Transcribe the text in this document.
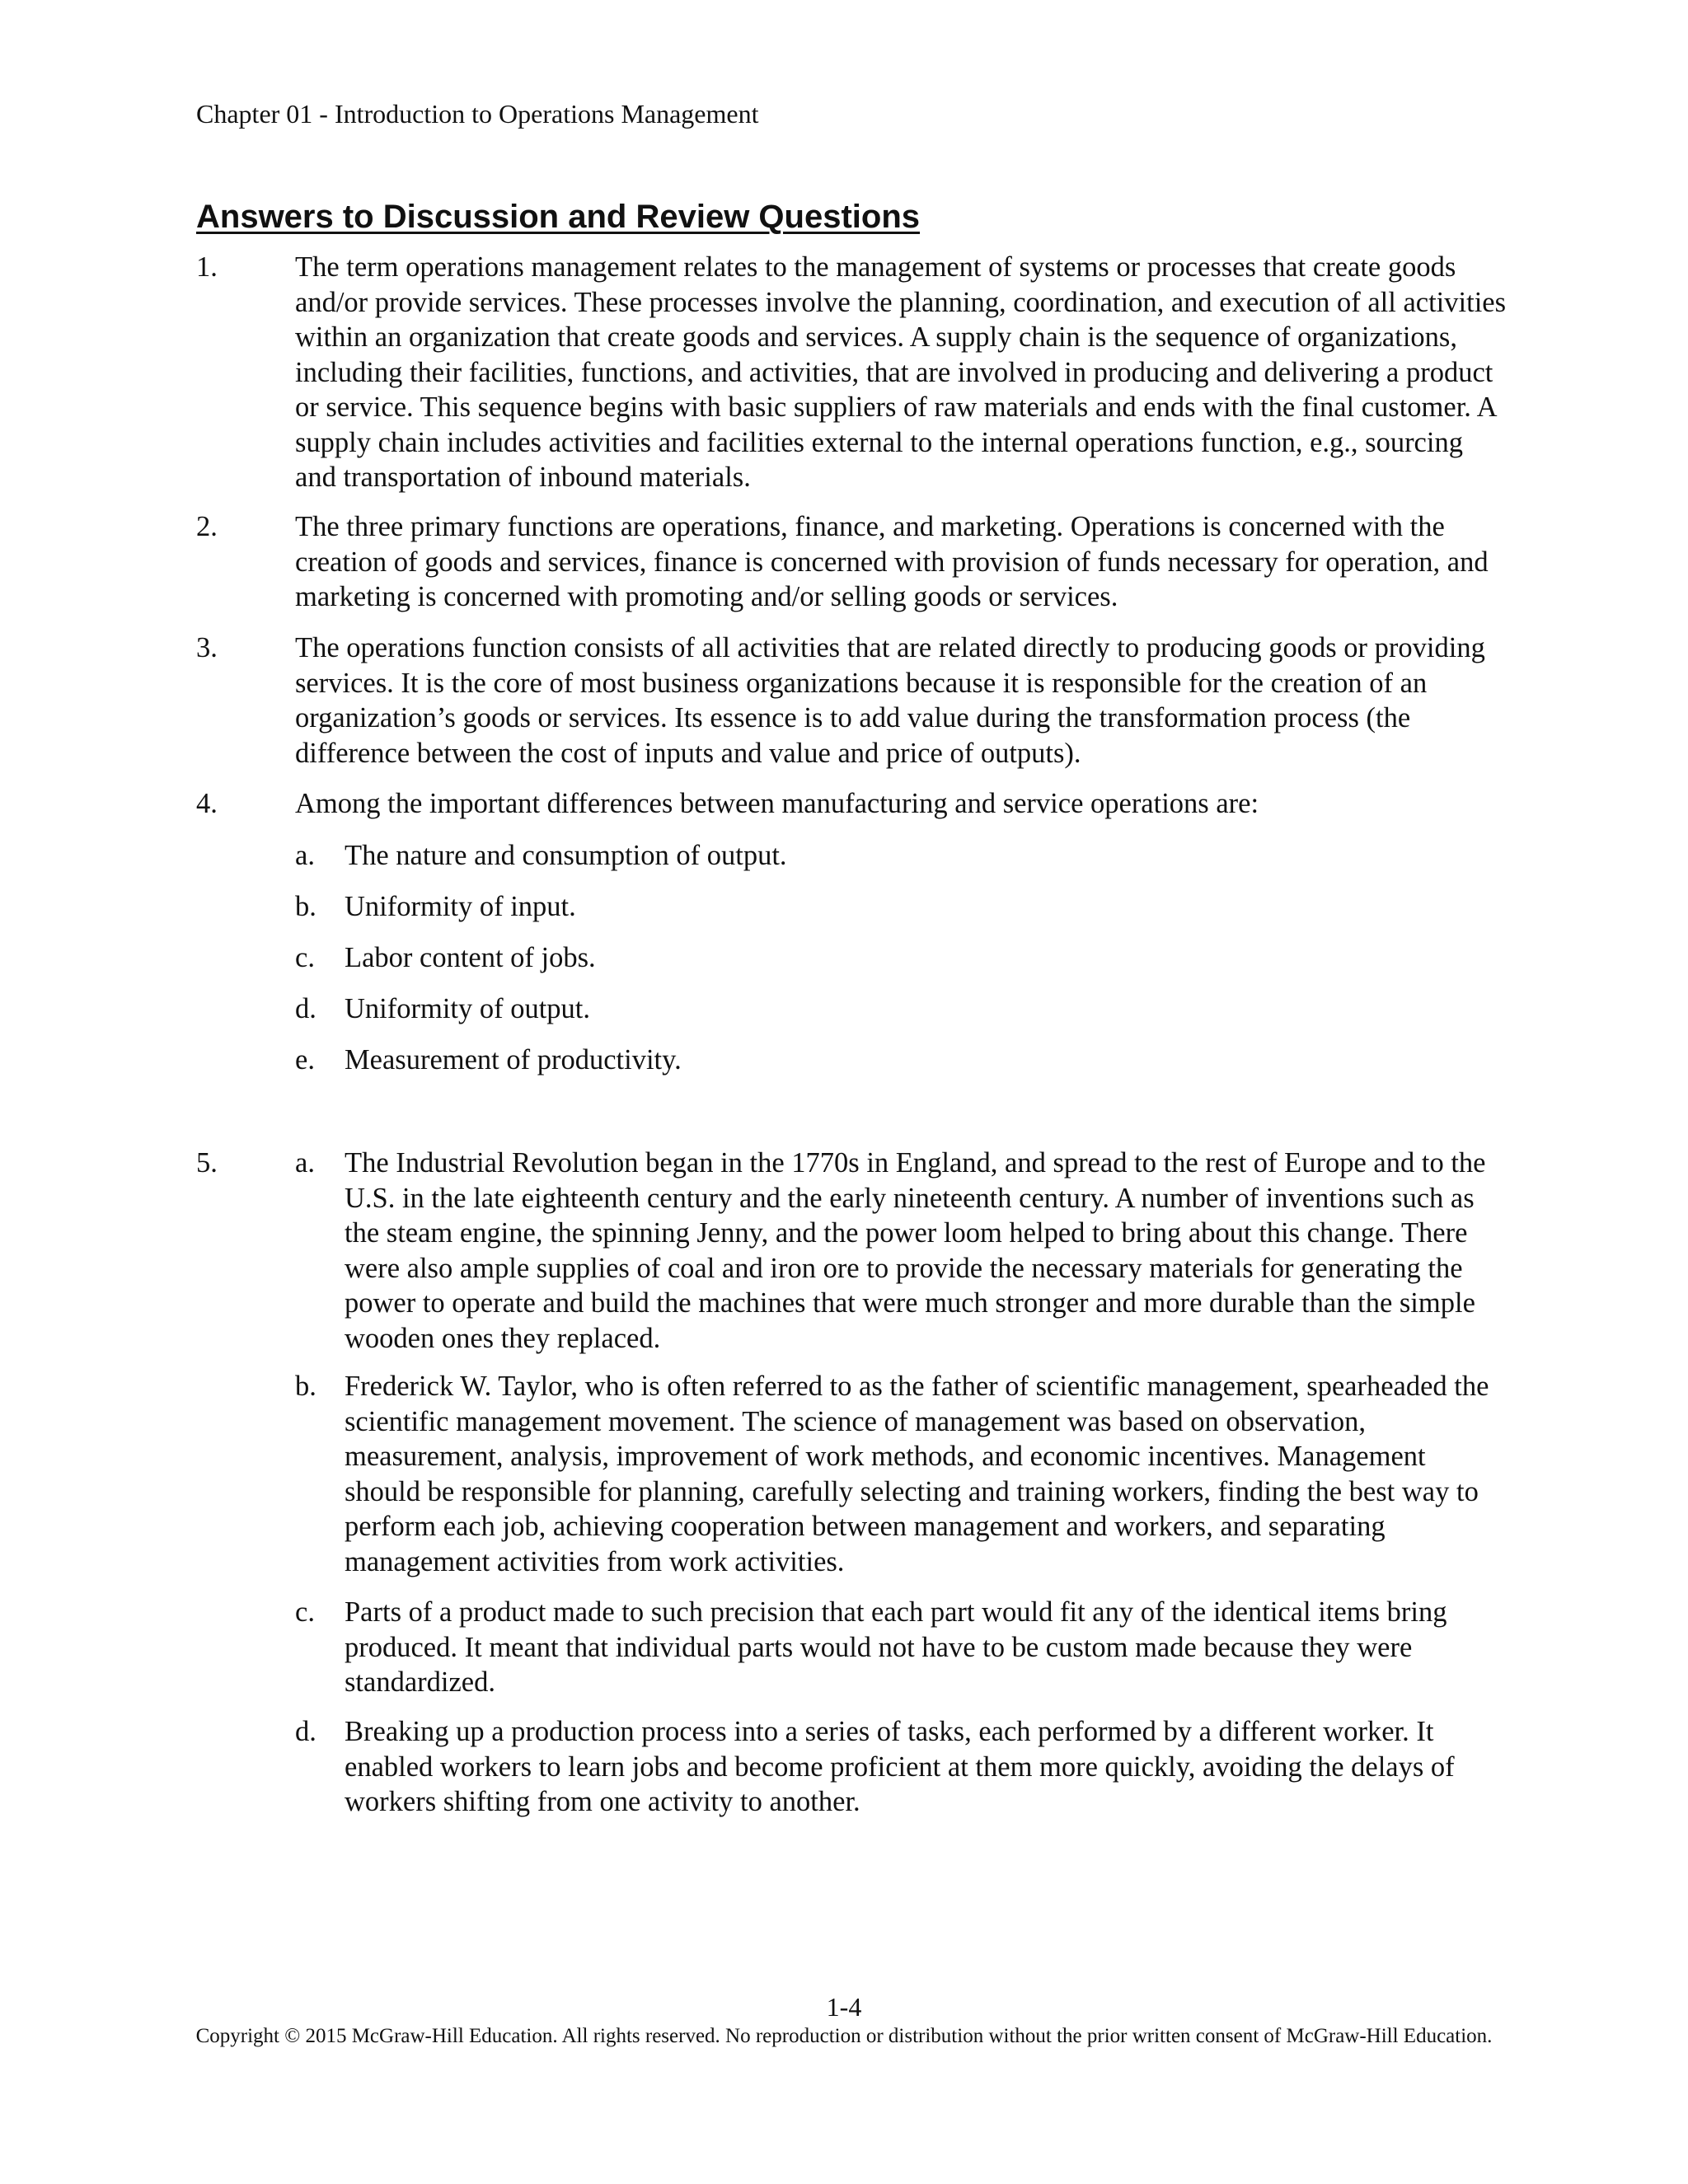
Chapter 01 - Introduction to Operations Management
Answers to Discussion and Review Questions
1.	The term operations management relates to the management of systems or processes that create goods and/or provide services. These processes involve the planning, coordination, and execution of all activities within an organization that create goods and services. A supply chain is the sequence of organizations, including their facilities, functions, and activities, that are involved in producing and delivering a product or service. This sequence begins with basic suppliers of raw materials and ends with the final customer. A supply chain includes activities and facilities external to the internal operations function, e.g., sourcing and transportation of inbound materials.
2.	The three primary functions are operations, finance, and marketing. Operations is concerned with the creation of goods and services, finance is concerned with provision of funds necessary for operation, and marketing is concerned with promoting and/or selling goods or services.
3.	The operations function consists of all activities that are related directly to producing goods or providing services. It is the core of most business organizations because it is responsible for the creation of an organization’s goods or services. Its essence is to add value during the transformation process (the difference between the cost of inputs and value and price of outputs).
4.	Among the important differences between manufacturing and service operations are:
a. The nature and consumption of output.
b. Uniformity of input.
c. Labor content of jobs.
d. Uniformity of output.
e. Measurement of productivity.
5.	a. The Industrial Revolution began in the 1770s in England, and spread to the rest of Europe and to the U.S. in the late eighteenth century and the early nineteenth century. A number of inventions such as the steam engine, the spinning Jenny, and the power loom helped to bring about this change. There were also ample supplies of coal and iron ore to provide the necessary materials for generating the power to operate and build the machines that were much stronger and more durable than the simple wooden ones they replaced.
b. Frederick W. Taylor, who is often referred to as the father of scientific management, spearheaded the scientific management movement. The science of management was based on observation, measurement, analysis, improvement of work methods, and economic incentives. Management should be responsible for planning, carefully selecting and training workers, finding the best way to perform each job, achieving cooperation between management and workers, and separating management activities from work activities.
c. Parts of a product made to such precision that each part would fit any of the identical items bring produced. It meant that individual parts would not have to be custom made because they were standardized.
d. Breaking up a production process into a series of tasks, each performed by a different worker. It enabled workers to learn jobs and become proficient at them more quickly, avoiding the delays of workers shifting from one activity to another.
1-4
Copyright © 2015 McGraw-Hill Education. All rights reserved. No reproduction or distribution without the prior written consent of McGraw-Hill Education.
